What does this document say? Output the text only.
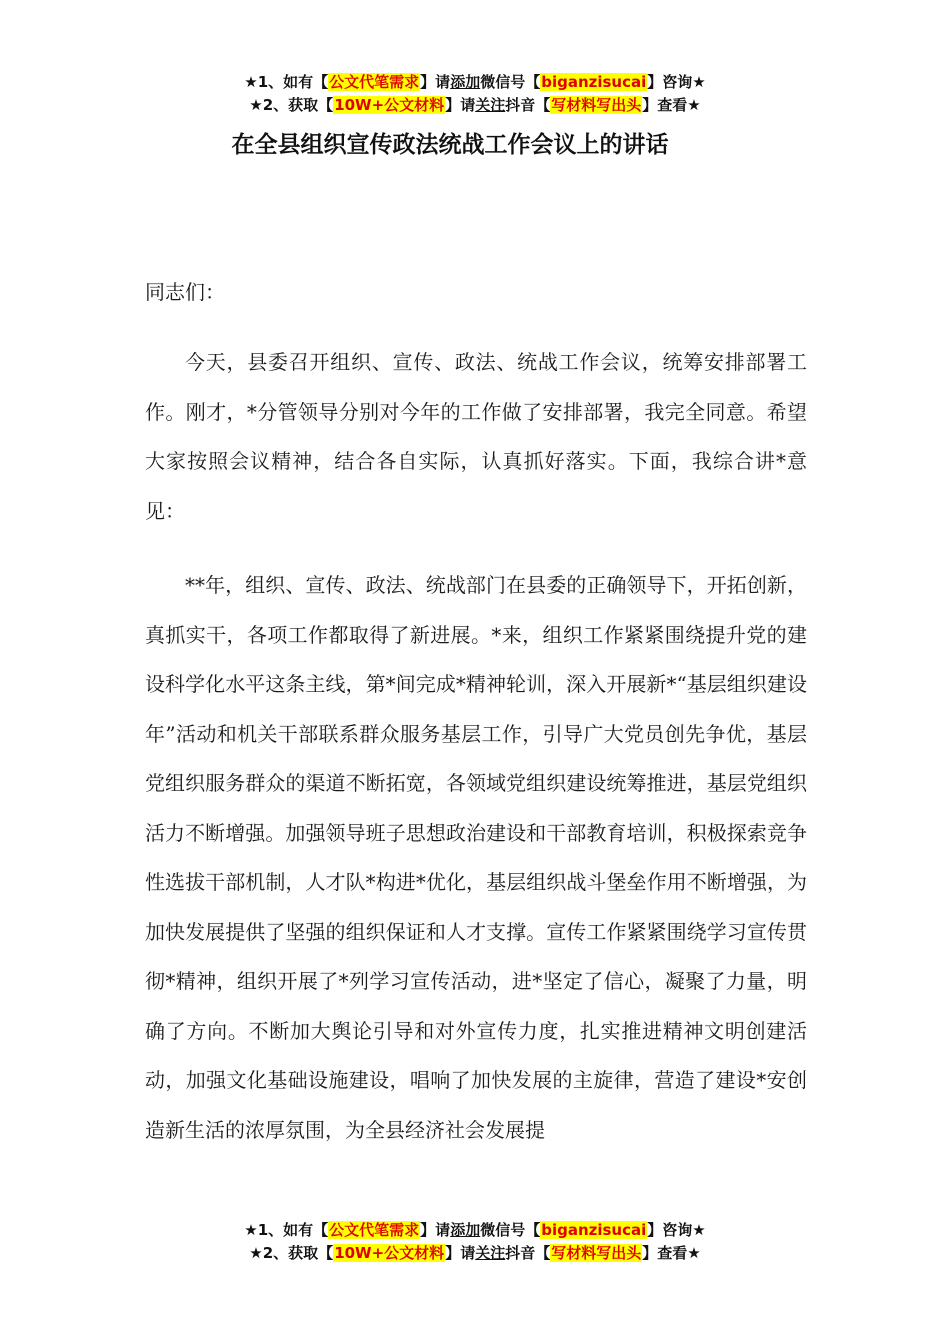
★1、如有【公文代笔需求】请添加微信号【biganzisucai】咨询★
★2、获取【10W+公文材料】请关注抖音【写材料写出头】查看★
在全县组织宣传政法统战工作会议上的讲话
同志们：
今天，县委召开组织、宣传、政法、统战工作会议，统筹安排部署工作。刚才，*分管领导分别对今年的工作做了安排部署，我完全同意。希望大家按照会议精神，结合各自实际，认真抓好落实。下面，我综合讲*意见：
**年，组织、宣传、政法、统战部门在县委的正确领导下，开拓创新，真抓实干，各项工作都取得了新进展。*来，组织工作紧紧围绕提升党的建设科学化水平这条主线，第*间完成*精神轮训，深入开展新*“基层组织建设年”活动和机关干部联系群众服务基层工作，引导广大党员创先争优，基层党组织服务群众的渠道不断拓宽，各领域党组织建设统筹推进，基层党组织活力不断增强。加强领导班子思想政治建设和干部教育培训，积极探索竞争性选拔干部机制，人才队*构进*优化，基层组织战斗堡垒作用不断增强，为加快发展提供了坚强的组织保证和人才支撑。宣传工作紧紧围绕学习宣传贯彻*精神，组织开展了*列学习宣传活动，进*坚定了信心，凝聚了力量，明确了方向。不断加大舆论引导和对外宣传力度，扎实推进精神文明创建活动，加强文化基础设施建设，唱响了加快发展的主旋律，营造了建设*安创造新生活的浓厚氛围，为全县经济社会发展提
★1、如有【公文代笔需求】请添加微信号【biganzisucai】咨询★
★2、获取【10W+公文材料】请关注抖音【写材料写出头】查看★
